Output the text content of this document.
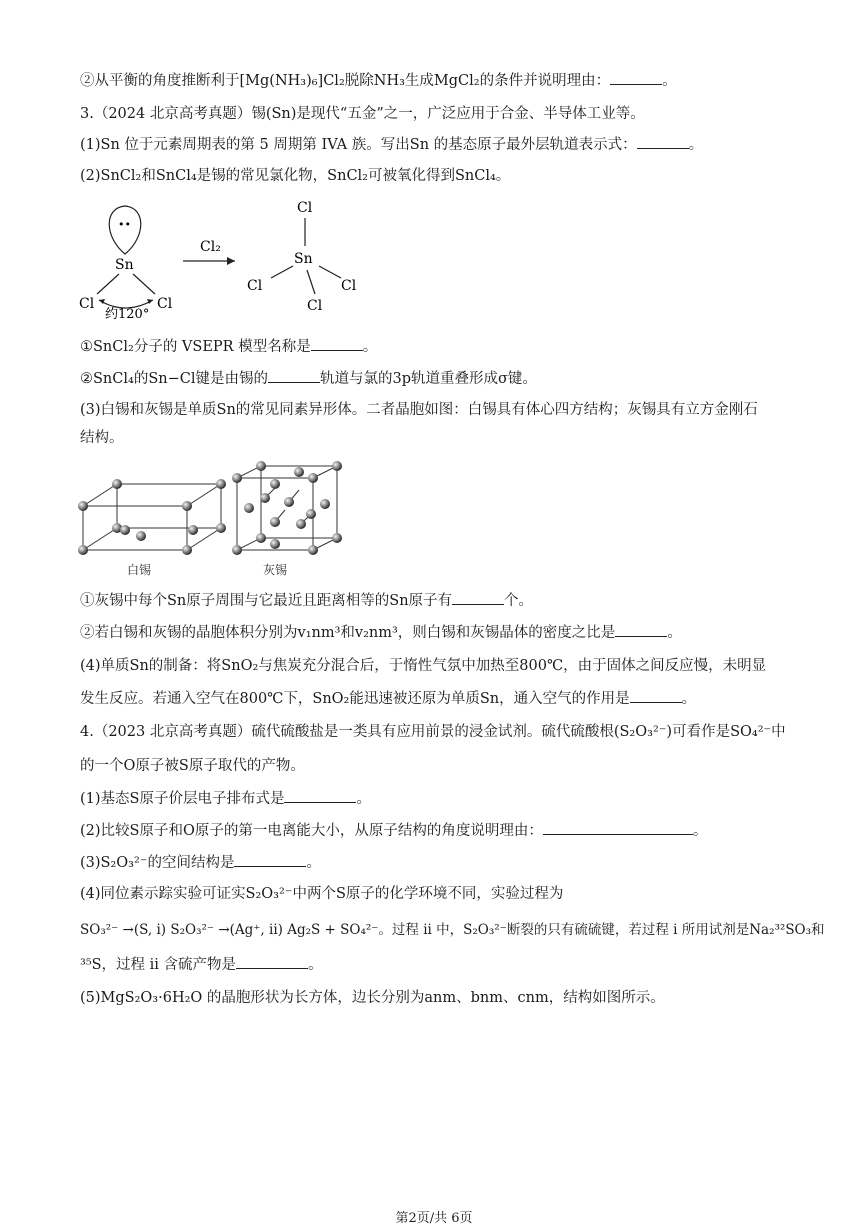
②从平衡的角度推断利于[Mg(NH₃)₆]Cl₂脱除NH₃生成MgCl₂的条件并说明理由：	。
3.（2024 北京高考真题）锡(Sn)是现代“五金”之一，广泛应用于合金、半导体工业等。
(1)Sn 位于元素周期表的第 5 周期第 IVA 族。写出Sn 的基态原子最外层轨道表示式：	。
(2)SnCl₂和SnCl₄是锡的常见氯化物，SnCl₂可被氧化得到SnCl₄。
••
Sn
Cl	Cl
约120°
Cl₂
Cl
Sn
Cl	Cl
Cl
①SnCl₂分子的 VSEPR 模型名称是	。
②SnCl₄的Sn−Cl键是由锡的	轨道与氯的3p轨道重叠形成σ键。
(3)白锡和灰锡是单质Sn的常见同素异形体。二者晶胞如图：白锡具有体心四方结构；灰锡具有立方金刚石
结构。
白锡	灰锡
①灰锡中每个Sn原子周围与它最近且距离相等的Sn原子有	个。
②若白锡和灰锡的晶胞体积分别为v₁nm³和v₂nm³，则白锡和灰锡晶体的密度之比是	。
(4)单质Sn的制备：将SnO₂与焦炭充分混合后，于惰性气氛中加热至800℃，由于固体之间反应慢，未明显
发生反应。若通入空气在800℃下，SnO₂能迅速被还原为单质Sn，通入空气的作用是	。
4.（2023 北京高考真题）硫代硫酸盐是一类具有应用前景的浸金试剂。硫代硫酸根(S₂O₃²⁻)可看作是SO₄²⁻中
的一个O原子被S原子取代的产物。
(1)基态S原子价层电子排布式是	。
(2)比较S原子和O原子的第一电离能大小，从原子结构的角度说明理由：	。
(3)S₂O₃²⁻的空间结构是	。
(4)同位素示踪实验可证实S₂O₃²⁻中两个S原子的化学环境不同，实验过程为
SO₃²⁻ →(S, i) S₂O₃²⁻ →(Ag⁺, ii) Ag₂S + SO₄²⁻。过程 ii 中，S₂O₃²⁻断裂的只有硫硫键，若过程 i 所用试剂是Na₂³²SO₃和
³⁵S，过程 ii 含硫产物是	。
(5)MgS₂O₃·6H₂O 的晶胞形状为长方体，边长分别为anm、bnm、cnm，结构如图所示。
第2页/共 6页
